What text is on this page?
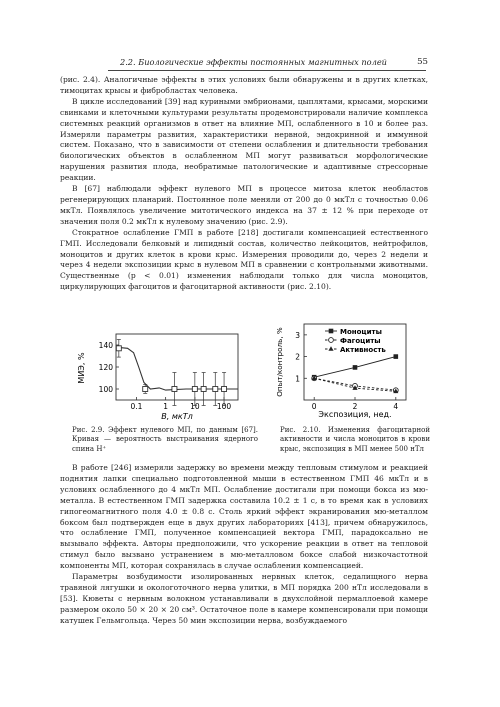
2.2. Биологические эффекты постоянных магнитных полей	55

(рис. 2.4). Аналогичные эффекты в этих условиях были обнаружены и в других клетках, тимоцитах крысы и фибробластах человека.

В цикле исследований [39] над куриными эмбрионами, цыплятами, крысами, морскими свинками и клеточными культурами результаты продемонстрировали наличие комплекса системных реакций организмов в ответ на влияние МП, ослабленного в 10 и более раз. Измеряли параметры развития, характеристики нервной, эндокринной и иммунной систем. Показано, что в зависимости от степени ослабления и длительности требования биологических объектов в ослабленном МП могут развиваться морфологические нарушения развития плода, необратимые патологические и адаптивные стрессорные реакции.

В [67] наблюдали эффект нулевого МП в процессе митоза клеток необластов регенерирующих планарий. Постоянное поле меняли от 200 до 0 мкТл с точностью 0.06 мкТл. Появлялось увеличение митотического индекса на 37 ± 12 % при переходе от значения поля 0.2 мкТл к нулевому значению (рис. 2.9).

Стократное ослабление ГМП в работе [218] достигали компенсацией естественного ГМП. Исследовали белковый и липидный состав, количество лейкоцитов, нейтрофилов, моноцитов и других клеток в крови крыс. Измерения проводили до, через 2 недели и через 4 недели экспозиции крыс в нулевом МП в сравнении с контрольными животными. Существенные (p < 0.01) изменения наблюдали только для числа моноцитов, циркулирующих фагоцитов и фагоцитарной активности (рис. 2.10).

МИЭ, %
100
120
140
0.1	1	10 100
B, мкТл
Опыт/контроль, % 1
2
3
0	2	4
Моноциты
Фагоциты
Активность
Экспозиция, нед.
Рис. 2.9. Эффект нулевого МП, по данным [67]. Кривая — вероятность выстраивания ядерного спина H⁺
Рис. 2.10. Изменения фагоцитарной активности и числа моноцитов в крови крыс, экспозиция в МП менее 500 нТл

В работе [246] измеряли задержку во времени между тепловым стимулом и реакцией поднятия лапки специально подготовленной мыши в естественном ГМП 46 мкТл и в условиях ослабленного до 4 мкТл МП. Ослабление достигали при помощи бокса из мю-металла. В естественном ГМП задержка составила 10.2 ± 1 с, в то время как в условиях гипогеомагнитного поля 4.0 ± 0.8 с. Столь яркий эффект экранирования мю-металлом боксом был подтвержден еще в двух других лабораториях [413], причем обнаружилось, что ослабление ГМП, полученное компенсацией вектора ГМП, парадоксально не вызывало эффекта. Авторы предположили, что ускорение реакции в ответ на тепловой стимул было вызвано устранением в мю-металловом боксе слабой низкочастотной компоненты МП, которая сохранялась в случае ослабления компенсацией.

Параметры возбудимости изолированных нервных клеток, седалищного нерва травяной лягушки и окологоточного нерва улитки, в МП порядка 200 нТл исследовали в [53]. Кюветы с нервным волокном устанавливали в двухслойной пермаллоевой камере размером около 50 × 20 × 20 см³. Остаточное поле в камере компенсировали при помощи катушек Гельмгольца. Через 50 мин экспозиции нерва, возбуждаемого
